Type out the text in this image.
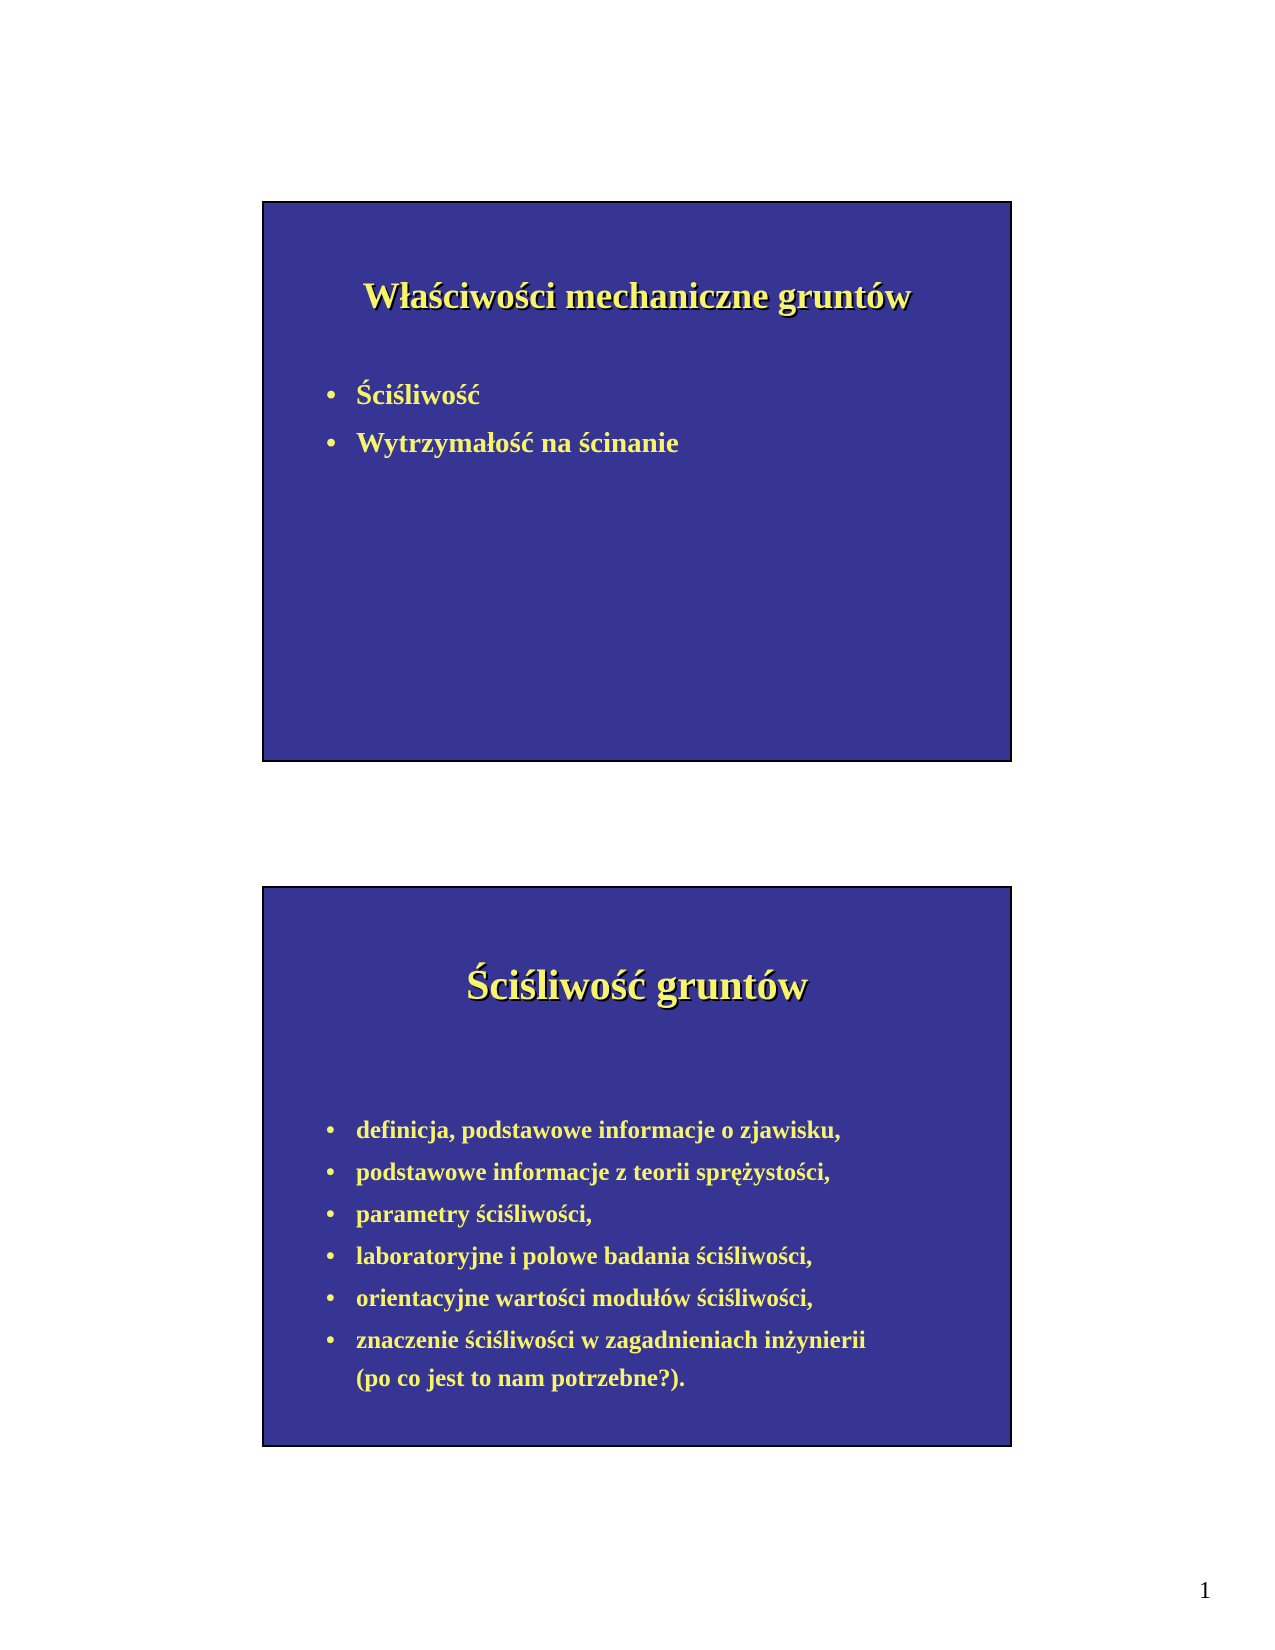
Właściwości mechaniczne gruntów
• Ściśliwość
• Wytrzymałość na ścinanie
Ściśliwość gruntów
• definicja, podstawowe informacje o zjawisku,
• podstawowe informacje z teorii sprężystości,
• parametry ściśliwości,
• laboratoryjne i polowe badania ściśliwości,
• orientacyjne wartości modułów ściśliwości,
• znaczenie ściśliwości w zagadnieniach inżynierii
(po co jest to nam potrzebne?).
1
